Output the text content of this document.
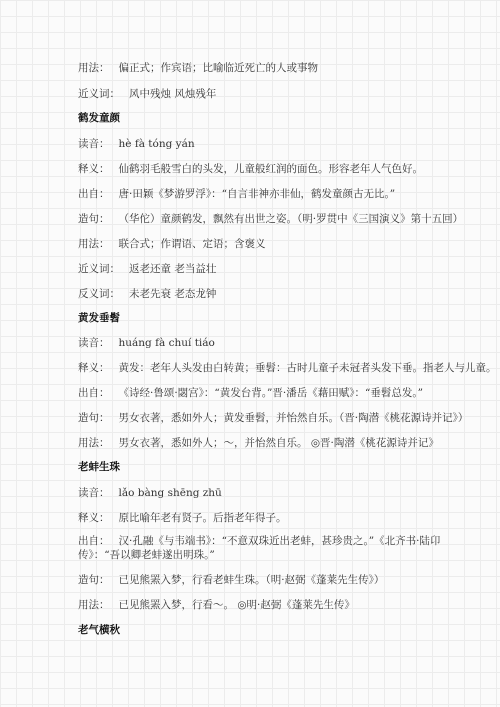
用法： 偏正式；作宾语；比喻临近死亡的人或事物
近义词： 风中残烛 风烛残年
鹤发童颜
读音： hè fà tóng yán
释义： 仙鹤羽毛般雪白的头发，儿童般红润的面色。形容老年人气色好。
出自： 唐·田颖《梦游罗浮》：“自言非神亦非仙，鹤发童颜古无比。”
造句： （华佗）童颜鹤发，飘然有出世之姿。（明·罗贯中《三国演义》第十五回）
用法： 联合式；作谓语、定语；含褒义
近义词： 返老还童 老当益壮
反义词： 未老先衰 老态龙钟
黄发垂髫
读音： huáng fà chuí tiáo
释义： 黄发：老年人头发由白转黄；垂髫：古时儿童子未冠者头发下垂。指老人与儿童。
出自： 《诗经·鲁颂·閟宫》：“黄发台背。”晋·潘岳《藉田赋》：“垂髫总发。”
造句： 男女衣著，悉如外人；黄发垂髫，并怡然自乐。（晋·陶潜《桃花源诗并记》）
用法： 男女衣著，悉如外人；～，并怡然自乐。 ◎晋·陶潜《桃花源诗并记》
老蚌生珠
读音： lǎo bàng shēng zhū
释义： 原比喻年老有贤子。后指老年得子。
出自： 汉·孔融《与韦端书》：“不意双珠近出老蚌，甚珍贵之。”《北齐书·陆卬传》：“吾以卿老蚌遂出明珠。”
造句： 已见熊罴入梦，行看老蚌生珠。（明·赵弼《蓬莱先生传》）
用法： 已见熊罴入梦，行看～。 ◎明·赵弼《蓬莱先生传》
老气横秋
